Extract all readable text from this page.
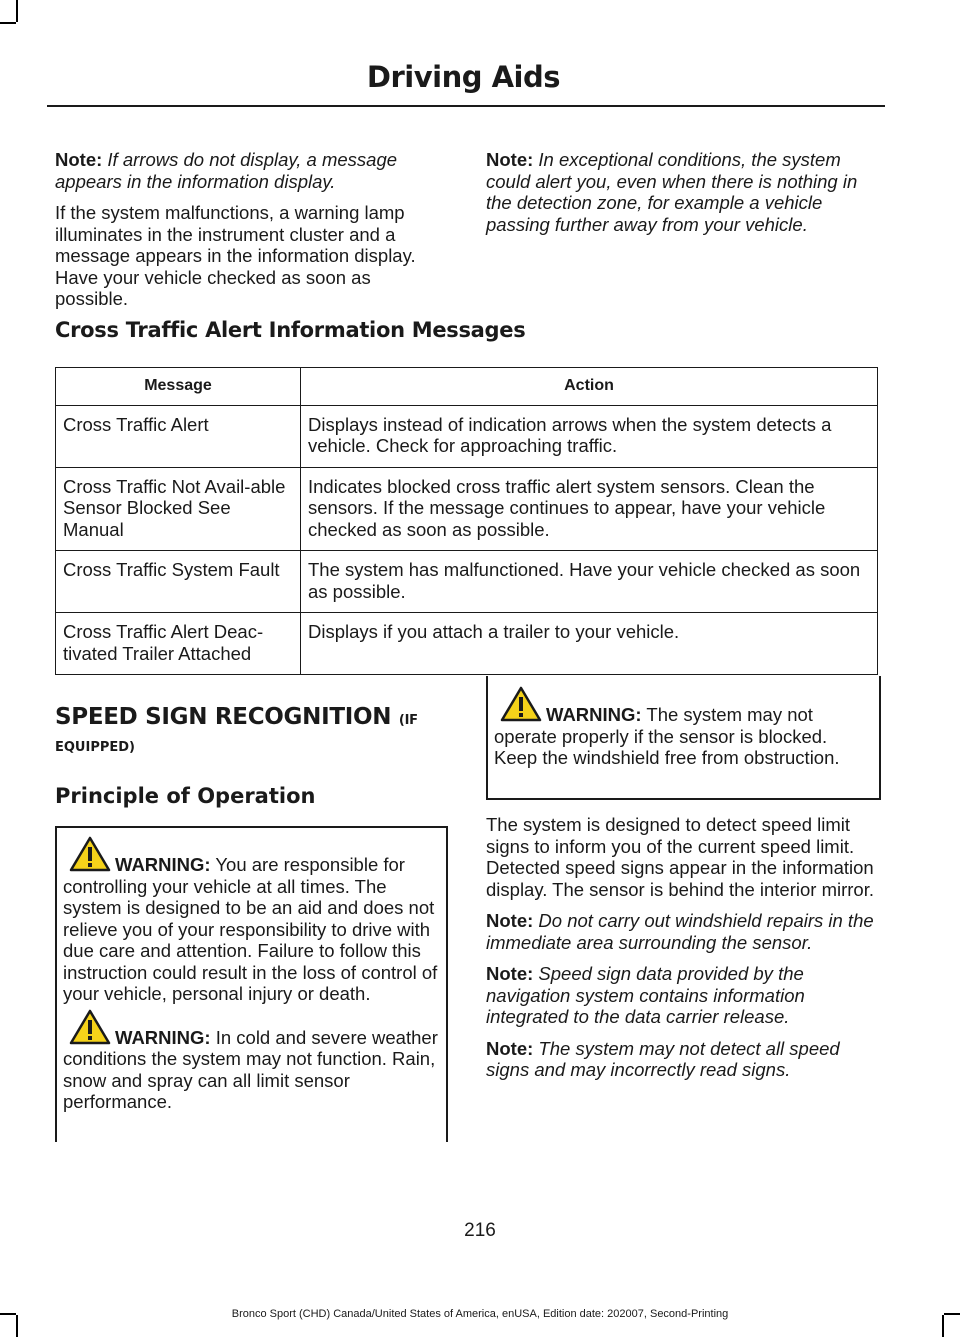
Driving Aids

Note: If arrows do not display, a message appears in the information display.

If the system malfunctions, a warning lamp illuminates in the instrument cluster and a message appears in the information display. Have your vehicle checked as soon as possible.

Note: In exceptional conditions, the system could alert you, even when there is nothing in the detection zone, for example a vehicle passing further away from your vehicle.

Cross Traffic Alert Information Messages
Message	Action
Cross Traffic Alert	Displays instead of indication arrows when the system detects a vehicle. Check for approaching traffic.
Cross Traffic Not Avail-able Sensor Blocked See Manual	Indicates blocked cross traffic alert system sensors. Clean the sensors. If the message continues to appear, have your vehicle checked as soon as possible.
Cross Traffic System Fault	The system has malfunctioned. Have your vehicle checked as soon as possible.
Cross Traffic Alert Deac-tivated Trailer Attached	Displays if you attach a trailer to your vehicle.
SPEED SIGN RECOGNITION (IF
EQUIPPED)
Principle of Operation
WARNING: You are responsible for controlling your vehicle at all times. The system is designed to be an aid and does not relieve you of your responsibility to drive with due care and attention. Failure to follow this instruction could result in the loss of control of your vehicle, personal injury or death.
WARNING: In cold and severe weather conditions the system may not function. Rain, snow and spray can all limit sensor performance.
WARNING: The system may not operate properly if the sensor is blocked. Keep the windshield free from obstruction.

The system is designed to detect speed limit signs to inform you of the current speed limit. Detected speed signs appear in the information display. The sensor is behind the interior mirror.

Note: Do not carry out windshield repairs in the immediate area surrounding the sensor.

Note: Speed sign data provided by the navigation system contains information integrated to the data carrier release.

Note: The system may not detect all speed signs and may incorrectly read signs.

216
Bronco Sport (CHD) Canada/United States of America, enUSA, Edition date: 202007, Second-Printing
